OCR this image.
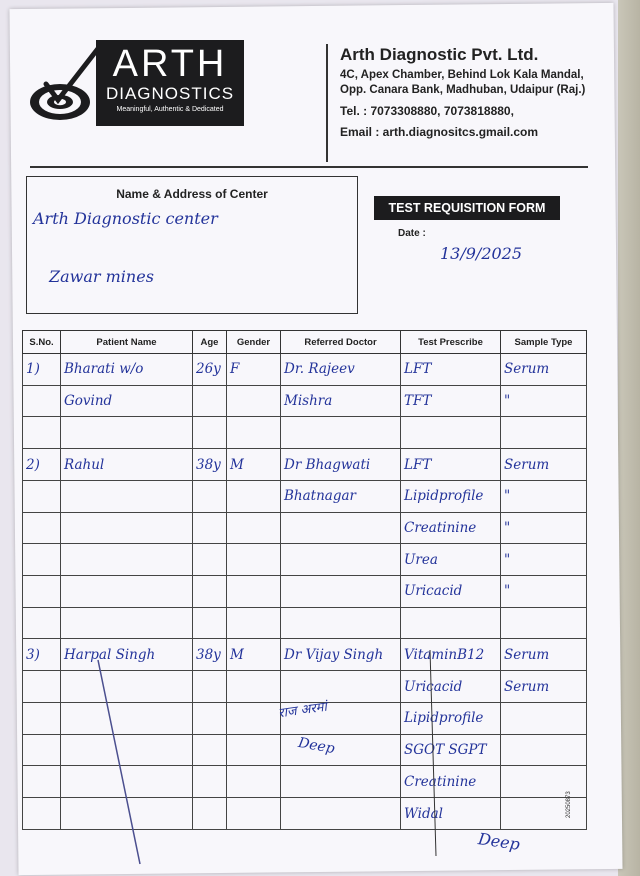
ARTH
DIAGNOSTICS
Meaningful, Authentic & Dedicated
Arth Diagnostic Pvt. Ltd.
4C, Apex Chamber, Behind Lok Kala Mandal, Opp. Canara Bank, Madhuban, Udaipur (Raj.)
Tel. : 7073308880, 7073818880,
Email : arth.diagnositcs.gmail.com
Name & Address of Center
Arth Diagnostic center
Zawar mines
TEST REQUISITION FORM
Date :
13/9/2025
S.No.	Patient Name	Age	Gender	Referred Doctor	Test Prescribe	Sample Type
1)	Bharati w/o	26y	F	Dr. Rajeev	LFT	Serum
	Govind			Mishra	TFT	"

2)	Rahul	38y	M	Dr Bhagwati	LFT	Serum
				Bhatnagar	Lipidprofile	"
					Creatinine	"
					Urea	"
					Uricacid	"

3)	Harpal Singh	38y	M	Dr Vijay Singh	VitaminB12	Serum
					Uricacid	Serum
					Lipidprofile	
					SGOT SGPT	
					Creatinine	
					Widal	
राज अरमां
Deep
Deep
20250873
